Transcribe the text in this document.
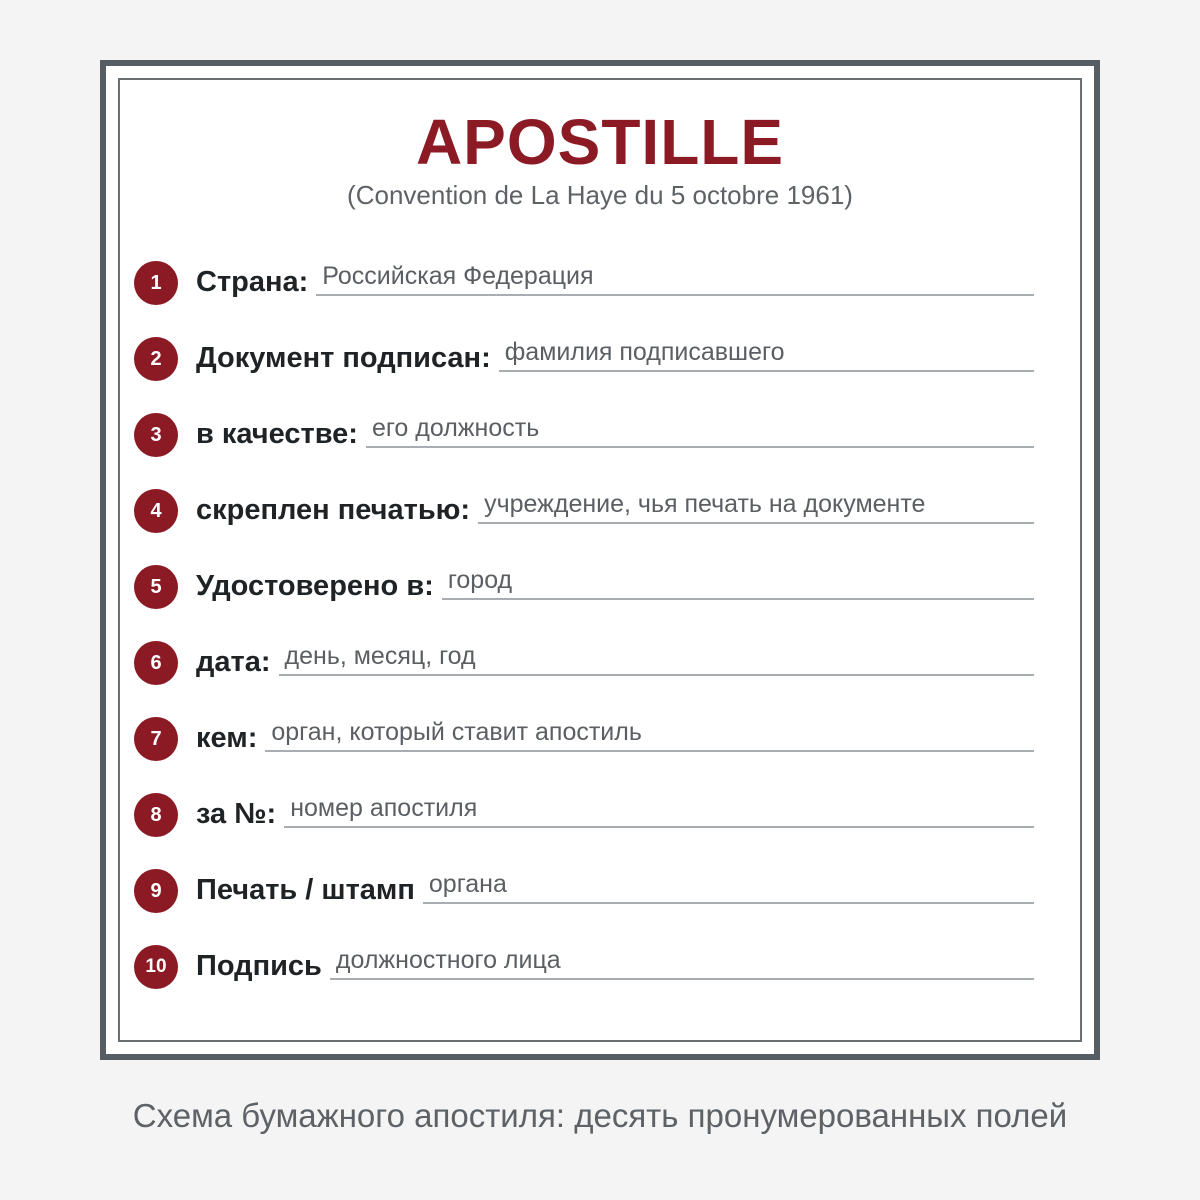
APOSTILLE

(Convention de La Haye du 5 octobre 1961)

1	Страна: Российская Федерация
2	Документ подписан: фамилия подписавшего
3	в качестве: его должность
4	скреплен печатью: учреждение, чья печать на документе
5	Удостоверено в: город
6	дата: день, месяц, год
7	кем: орган, который ставит апостиль
8	за №: номер апостиля
9	Печать / штамп органа
10	Подпись должностного лица

Схема бумажного апостиля: десять пронумерованных полей
